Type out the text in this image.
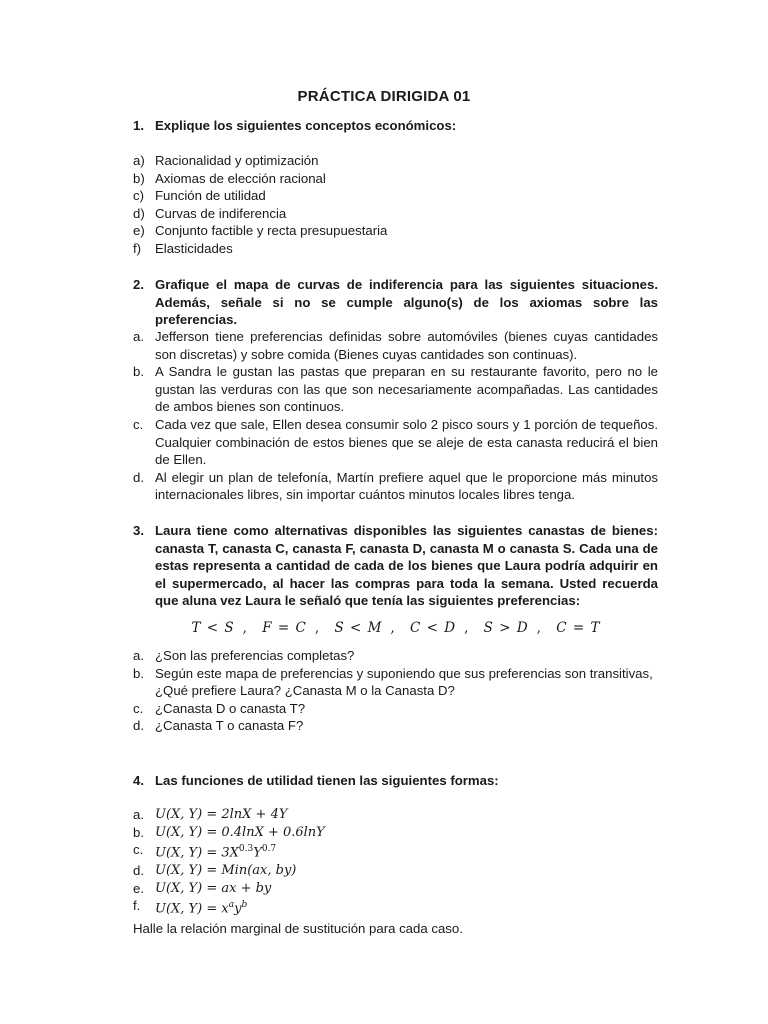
PRÁCTICA DIRIGIDA 01
1. Explique los siguientes conceptos económicos:
a) Racionalidad y optimización
b) Axiomas de elección racional
c) Función de utilidad
d) Curvas de indiferencia
e) Conjunto factible y recta presupuestaria
f) Elasticidades
2. Grafique el mapa de curvas de indiferencia para las siguientes situaciones. Además, señale si no se cumple alguno(s) de los axiomas sobre las preferencias.
a. Jefferson tiene preferencias definidas sobre automóviles (bienes cuyas cantidades son discretas) y sobre comida (Bienes cuyas cantidades son continuas).
b. A Sandra le gustan las pastas que preparan en su restaurante favorito, pero no le gustan las verduras con las que son necesariamente acompañadas. Las cantidades de ambos bienes son continuos.
c. Cada vez que sale, Ellen desea consumir solo 2 pisco sours y 1 porción de tequeños. Cualquier combinación de estos bienes que se aleje de esta canasta reducirá el bien de Ellen.
d. Al elegir un plan de telefonía, Martín prefiere aquel que le proporcione más minutos internacionales libres, sin importar cuántos minutos locales libres tenga.
3. Laura tiene como alternativas disponibles las siguientes canastas de bienes: canasta T, canasta C, canasta F, canasta D, canasta M o canasta S. Cada una de estas representa a cantidad de cada de los bienes que Laura podría adquirir en el supermercado, al hacer las compras para toda la semana. Usted recuerda que aluna vez Laura le señaló que tenía las siguientes preferencias:
T < S , F = C , S < M , C < D , S > D , C = T
a. ¿Son las preferencias completas?
b. Según este mapa de preferencias y suponiendo que sus preferencias son transitivas, ¿Qué prefiere Laura? ¿Canasta M o la Canasta D?
c. ¿Canasta D o canasta T?
d. ¿Canasta T o canasta F?
4. Las funciones de utilidad tienen las siguientes formas:
a. U(X, Y) = 2lnX + 4Y
b. U(X, Y) = 0.4lnX + 0.6lnY
c. U(X, $Y) = 3X^{0.3}Y^{0.7}$
d. U(X, Y) = Min(ax, by)
e. U(X, Y) = ax + by
f. U(X, $Y) = x^ay^b$
Halle la relación marginal de sustitución para cada caso.
